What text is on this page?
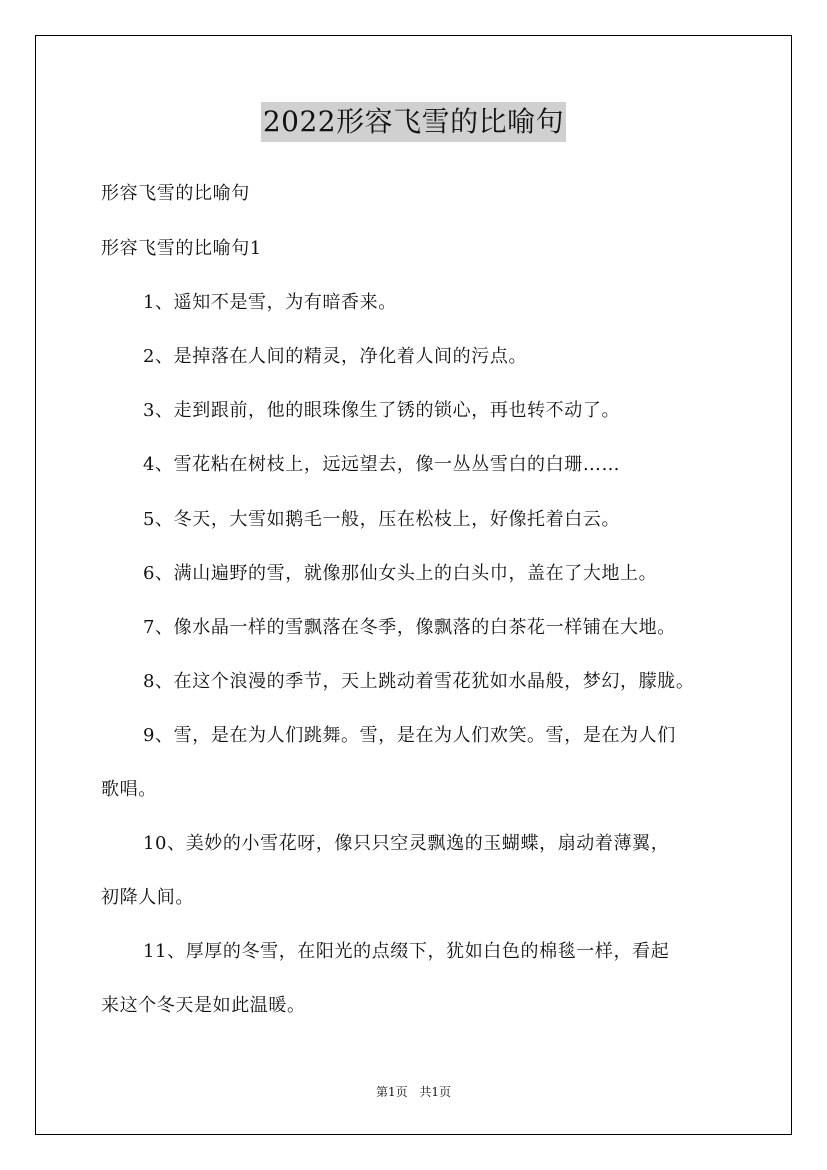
2022形容飞雪的比喻句
形容飞雪的比喻句
形容飞雪的比喻句1
1、遥知不是雪，为有暗香来。
2、是掉落在人间的精灵，净化着人间的污点。
3、走到跟前，他的眼珠像生了锈的锁心，再也转不动了。
4、雪花粘在树枝上，远远望去，像一丛丛雪白的白珊……
5、冬天，大雪如鹅毛一般，压在松枝上，好像托着白云。
6、满山遍野的雪，就像那仙女头上的白头巾，盖在了大地上。
7、像水晶一样的雪飘落在冬季，像飘落的白茶花一样铺在大地。
8、在这个浪漫的季节，天上跳动着雪花犹如水晶般，梦幻，朦胧。
9、雪，是在为人们跳舞。雪，是在为人们欢笑。雪，是在为人们
歌唱。
10、美妙的小雪花呀，像只只空灵飘逸的玉蝴蝶，扇动着薄翼，
初降人间。
11、厚厚的冬雪，在阳光的点缀下，犹如白色的棉毯一样，看起
来这个冬天是如此温暖。
第1页 共1页
